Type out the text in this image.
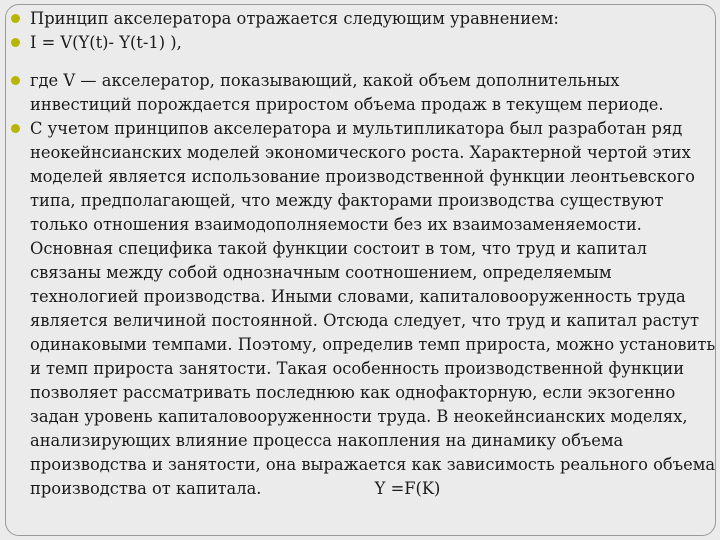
Принцип акселератора отражается следующим уравнением:
I = V(Y(t)- Y(t-1) ),
где V — акселератор, показывающий, какой объем дополнительных инвестиций порождается приростом объема продаж в текущем периоде.
С учетом принципов акселератора и мультипликатора был разработан ряд неокейнсианских моделей экономического роста. Характерной чертой этих моделей является использование производственной функции леонтьевского типа, предполагающей, что между факторами производства существуют только отношения взаимодополняемости без их взаимозаменяемости. Основная специфика такой функции состоит в том, что труд и капитал связаны между собой однозначным соотношением, определяемым технологией производства. Иными словами, капиталовооруженность труда является величиной постоянной. Отсюда следует, что труд и капитал растут одинаковыми темпами. Поэтому, определив темп прироста, можно установить и темп прироста занятости. Такая особенность производственной функции позволяет рассматривать последнюю как однофакторную, если экзогенно задан уровень капиталовооруженности труда. В неокейнсианских моделях, анализирующих влияние процесса накопления на динамику объема производства и занятости, она выражается как зависимость реального объема производства от капитала.	Y =F(K)
